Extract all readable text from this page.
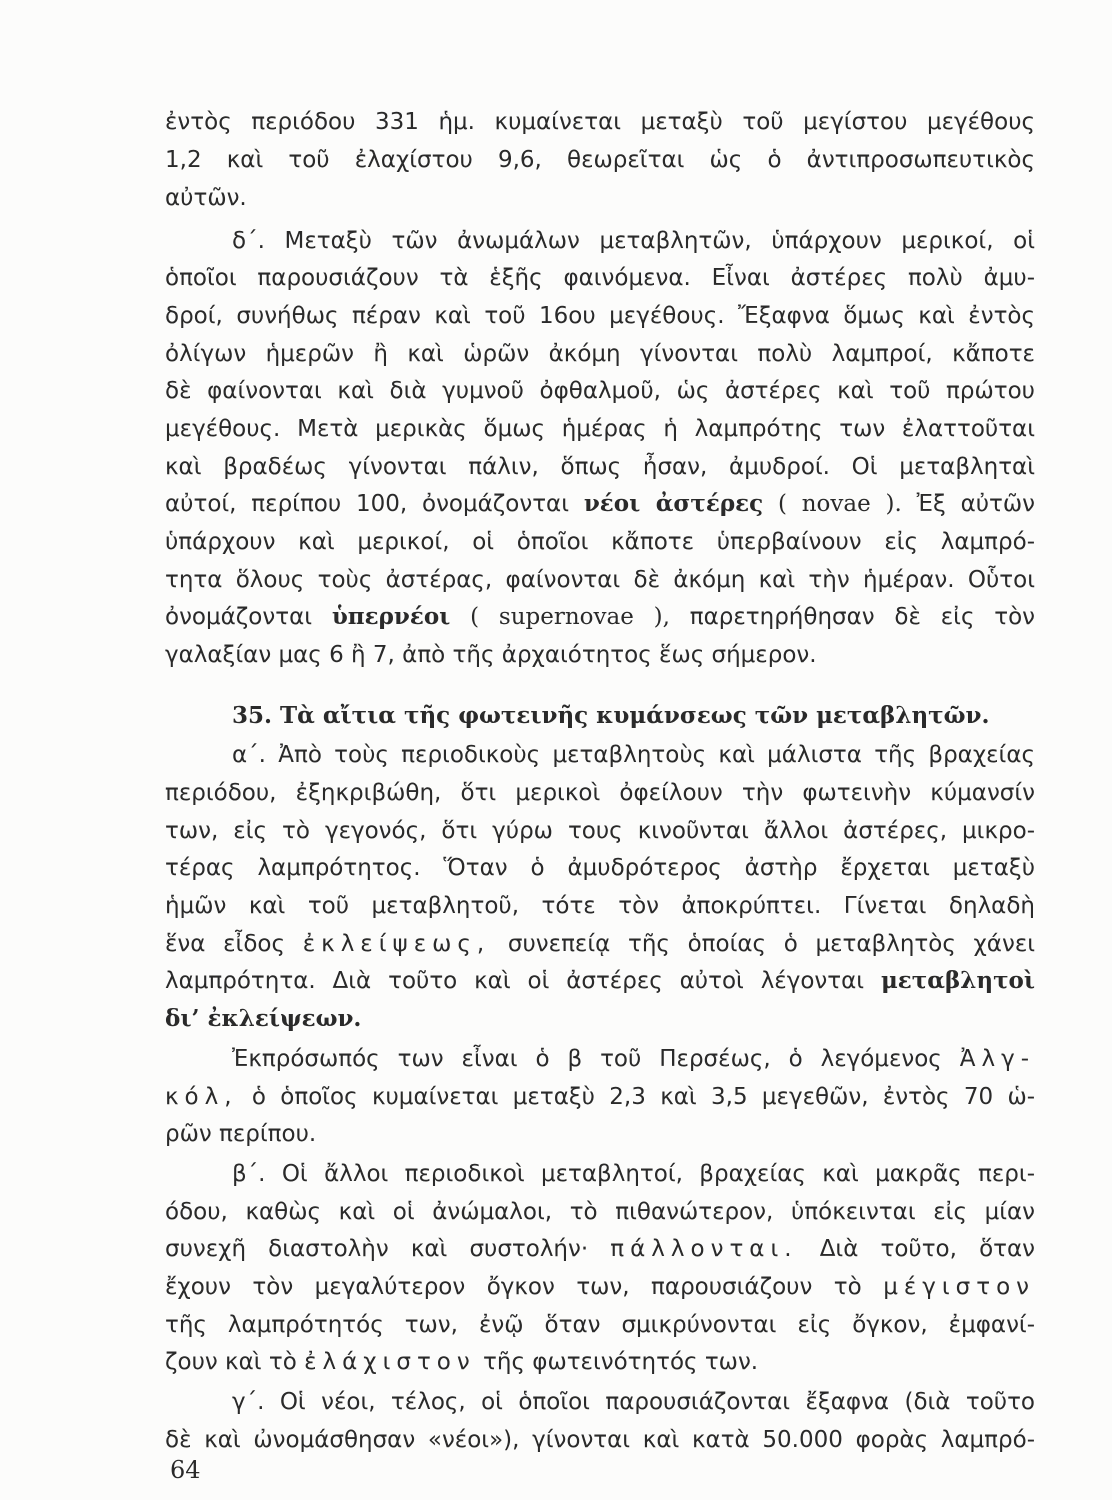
ἐντὸς περιόδου 331 ἡμ. κυμαίνεται μεταξὺ τοῦ μεγίστου μεγέθους
1,2 καὶ τοῦ ἐλαχίστου 9,6, θεωρεῖται ὡς ὁ ἀντιπροσωπευτικὸς
αὐτῶν.
δ΄. Μεταξὺ τῶν ἀνωμάλων μεταβλητῶν, ὑπάρχουν μερικοί, οἱ
ὁποῖοι παρουσιάζουν τὰ ἑξῆς φαινόμενα. Εἶναι ἀστέρες πολὺ ἀμυ-
δροί, συνήθως πέραν καὶ τοῦ 16ου μεγέθους. Ἔξαφνα ὅμως καὶ ἐντὸς
ὀλίγων ἡμερῶν ἢ καὶ ὡρῶν ἀκόμη γίνονται πολὺ λαμπροί, κἄποτε
δὲ φαίνονται καὶ διὰ γυμνοῦ ὀφθαλμοῦ, ὡς ἀστέρες καὶ τοῦ πρώτου
μεγέθους. Μετὰ μερικὰς ὅμως ἡμέρας ἡ λαμπρότης των ἐλαττοῦται
καὶ βραδέως γίνονται πάλιν, ὅπως ἦσαν, ἀμυδροί. Οἱ μεταβληταὶ
αὐτοί, περίπου 100, ὀνομάζονται νέοι ἀστέρες ( novae ). Ἐξ αὐτῶν
ὑπάρχουν καὶ μερικοί, οἱ ὁποῖοι κἄποτε ὑπερβαίνουν εἰς λαμπρό-
τητα ὅλους τοὺς ἀστέρας, φαίνονται δὲ ἀκόμη καὶ τὴν ἡμέραν. Οὗτοι
ὀνομάζονται ὑπερνέοι ( supernovae ), παρετηρήθησαν δὲ εἰς τὸν
γαλαξίαν μας 6 ἢ 7, ἀπὸ τῆς ἀρχαιότητος ἕως σήμερον.
35. Τὰ αἴτια τῆς φωτεινῆς κυμάνσεως τῶν μεταβλητῶν.
α΄. Ἀπὸ τοὺς περιοδικοὺς μεταβλητοὺς καὶ μάλιστα τῆς βραχείας
περιόδου, ἐξηκριβώθη, ὅτι μερικοὶ ὀφείλουν τὴν φωτεινὴν κύμανσίν
των, εἰς τὸ γεγονός, ὅτι γύρω τους κινοῦνται ἄλλοι ἀστέρες, μικρο-
τέρας λαμπρότητος. Ὅταν ὁ ἀμυδρότερος ἀστὴρ ἔρχεται μεταξὺ
ἡμῶν καὶ τοῦ μεταβλητοῦ, τότε τὸν ἀποκρύπτει. Γίνεται δηλαδὴ
ἕνα εἶδος ἐκλείψεως, συνεπείᾳ τῆς ὁποίας ὁ μεταβλητὸς χάνει
λαμπρότητα. Διὰ τοῦτο καὶ οἱ ἀστέρες αὐτοὶ λέγονται μεταβλητοὶ
δι’ ἐκλείψεων.
Ἐκπρόσωπός των εἶναι ὁ β τοῦ Περσέως, ὁ λεγόμενος Ἀλγ-
κόλ, ὁ ὁποῖος κυμαίνεται μεταξὺ 2,3 καὶ 3,5 μεγεθῶν, ἐντὸς 70 ὡ-
ρῶν περίπου.
β΄. Οἱ ἄλλοι περιοδικοὶ μεταβλητοί, βραχείας καὶ μακρᾶς περι-
όδου, καθὼς καὶ οἱ ἀνώμαλοι, τὸ πιθανώτερον, ὑπόκεινται εἰς μίαν
συνεχῆ διαστολὴν καὶ συστολήν· πάλλονται. Διὰ τοῦτο, ὅταν
ἔχουν τὸν μεγαλύτερον ὄγκον των, παρουσιάζουν τὸ μέγιστον
τῆς λαμπρότητός των, ἐνῷ ὅταν σμικρύνονται εἰς ὄγκον, ἐμφανί-
ζουν καὶ τὸ ἐλάχιστον τῆς φωτεινότητός των.
γ΄. Οἱ νέοι, τέλος, οἱ ὁποῖοι παρουσιάζονται ἔξαφνα (διὰ τοῦτο
δὲ καὶ ὠνομάσθησαν «νέοι»), γίνονται καὶ κατὰ 50.000 φορὰς λαμπρό-
64
